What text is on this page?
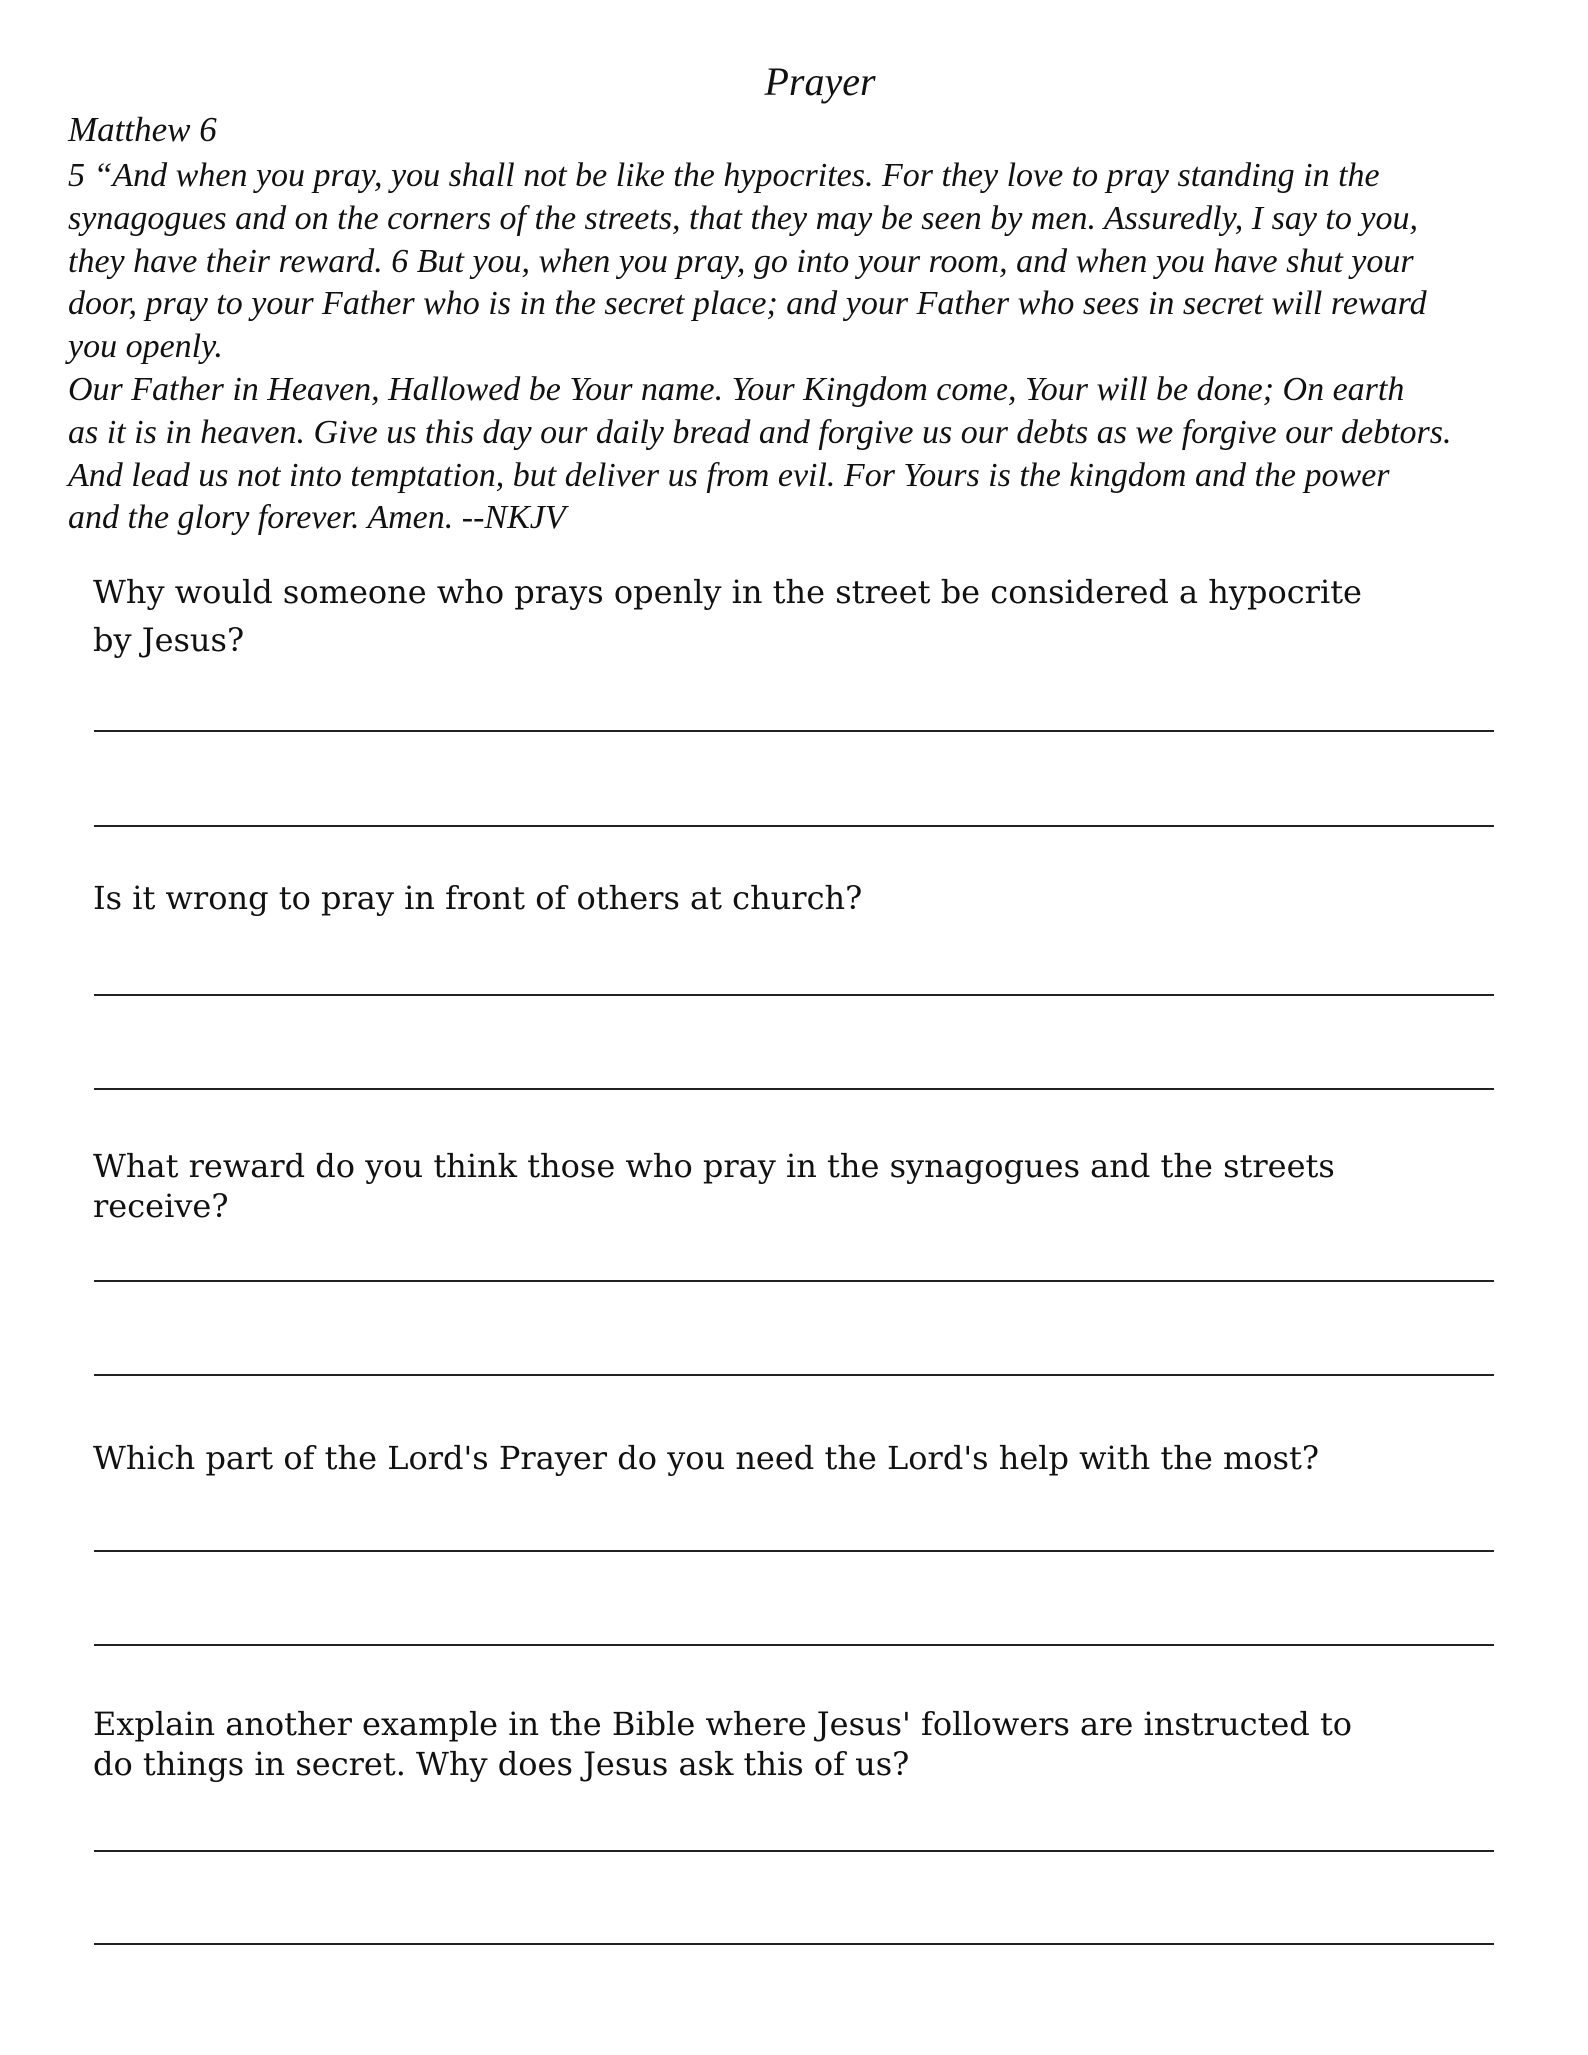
Prayer
Matthew 6
5 “And when you pray, you shall not be like the hypocrites. For they love to pray standing in the
synagogues and on the corners of the streets, that they may be seen by men. Assuredly, I say to you,
they have their reward. 6 But you, when you pray, go into your room, and when you have shut your
door, pray to your Father who is in the secret place; and your Father who sees in secret will reward
you openly.
Our Father in Heaven, Hallowed be Your name. Your Kingdom come, Your will be done; On earth
as it is in heaven. Give us this day our daily bread and forgive us our debts as we forgive our debtors.
And lead us not into temptation, but deliver us from evil. For Yours is the kingdom and the power
and the glory forever. Amen. --NKJV
Why would someone who prays openly in the street be considered a hypocrite
by Jesus?
Is it wrong to pray in front of others at church?
What reward do you think those who pray in the synagogues and the streets
receive?
Which part of the Lord's Prayer do you need the Lord's help with the most?
Explain another example in the Bible where Jesus' followers are instructed to
do things in secret. Why does Jesus ask this of us?
